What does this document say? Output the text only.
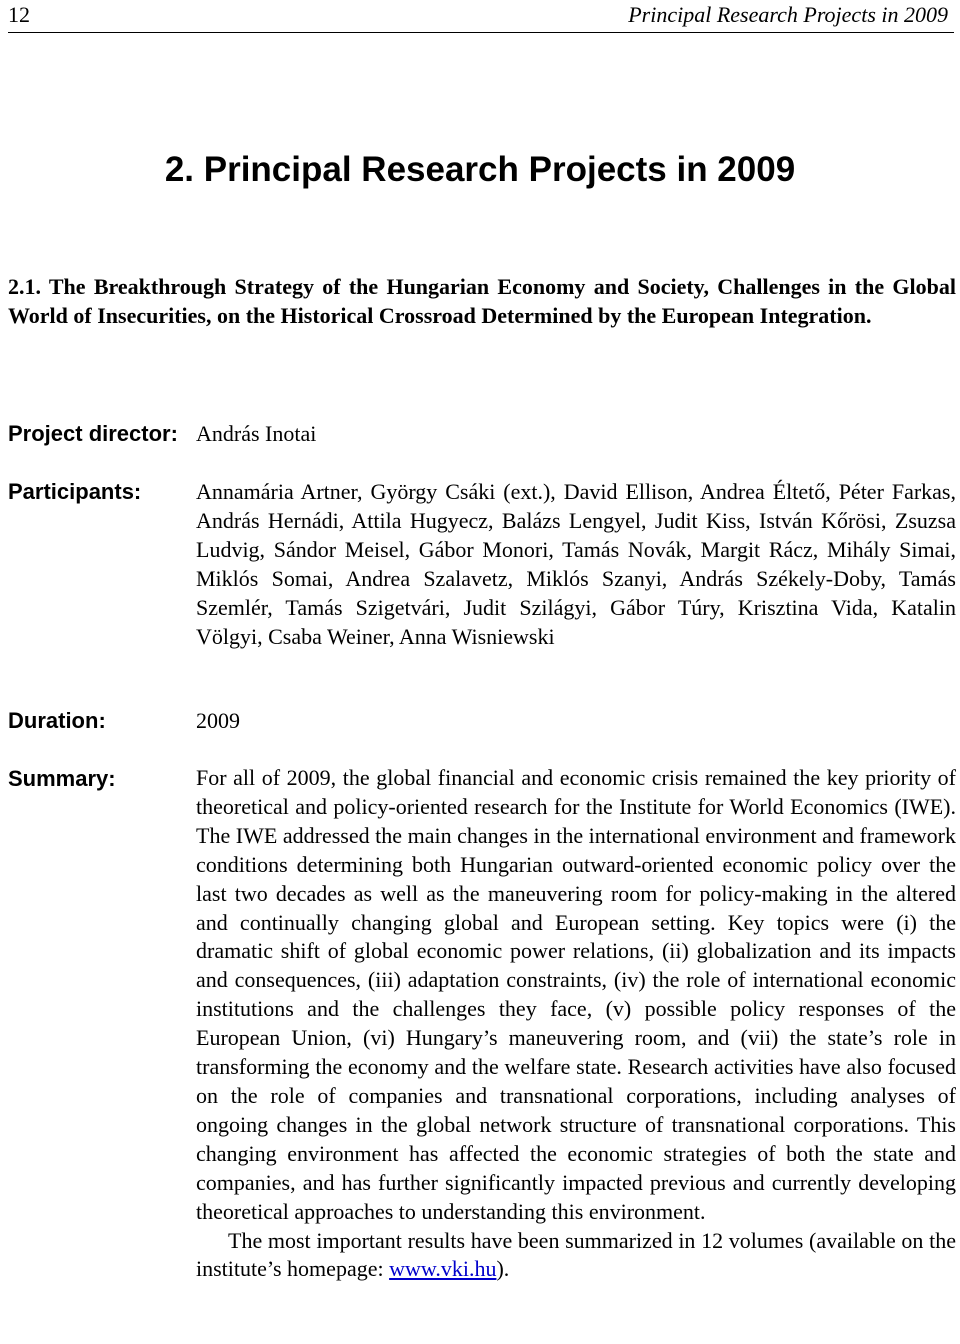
12	Principal Research Projects in 2009
2. Principal Research Projects in 2009
2.1. The Breakthrough Strategy of the Hungarian Economy and Society, Challenges in the Global World of Insecurities, on the Historical Crossroad Determined by the European Integration.
Project director: András Inotai
Participants: Annamária Artner, György Csáki (ext.), David Ellison, Andrea Éltető, Péter Farkas, András Hernádi, Attila Hugyecz, Balázs Lengyel, Judit Kiss, István Kőrösi, Zsuzsa Ludvig, Sándor Meisel, Gábor Monori, Tamás Novák, Margit Rácz, Mihály Simai, Miklós Somai, Andrea Szalavetz, Miklós Szanyi, András Székely-Doby, Tamás Szemlér, Tamás Szigetvári, Judit Szilágyi, Gábor Túry, Krisztina Vida, Katalin Völgyi, Csaba Weiner, Anna Wisniewski
Duration:	2009
Summary:	For all of 2009, the global financial and economic crisis remained the key priority of theoretical and policy-oriented research for the Institute for World Economics (IWE). The IWE addressed the main changes in the international environment and framework conditions determining both Hungarian outward-oriented economic policy over the last two decades as well as the maneuvering room for policy-making in the altered and continually changing global and European setting. Key topics were (i) the dramatic shift of global economic power relations, (ii) globalization and its impacts and consequences, (iii) adaptation constraints, (iv) the role of international economic institutions and the challenges they face, (v) possible policy responses of the European Union, (vi) Hungary’s maneuvering room, and (vii) the state’s role in transforming the economy and the welfare state. Research activities have also focused on the role of companies and transnational corporations, including analyses of ongoing changes in the global network structure of transnational corporations. This changing environment has affected the economic strategies of both the state and companies, and has further significantly impacted previous and currently developing theoretical approaches to understanding this environment.

The most important results have been summarized in 12 volumes (available on the institute’s homepage: www.vki.hu).
